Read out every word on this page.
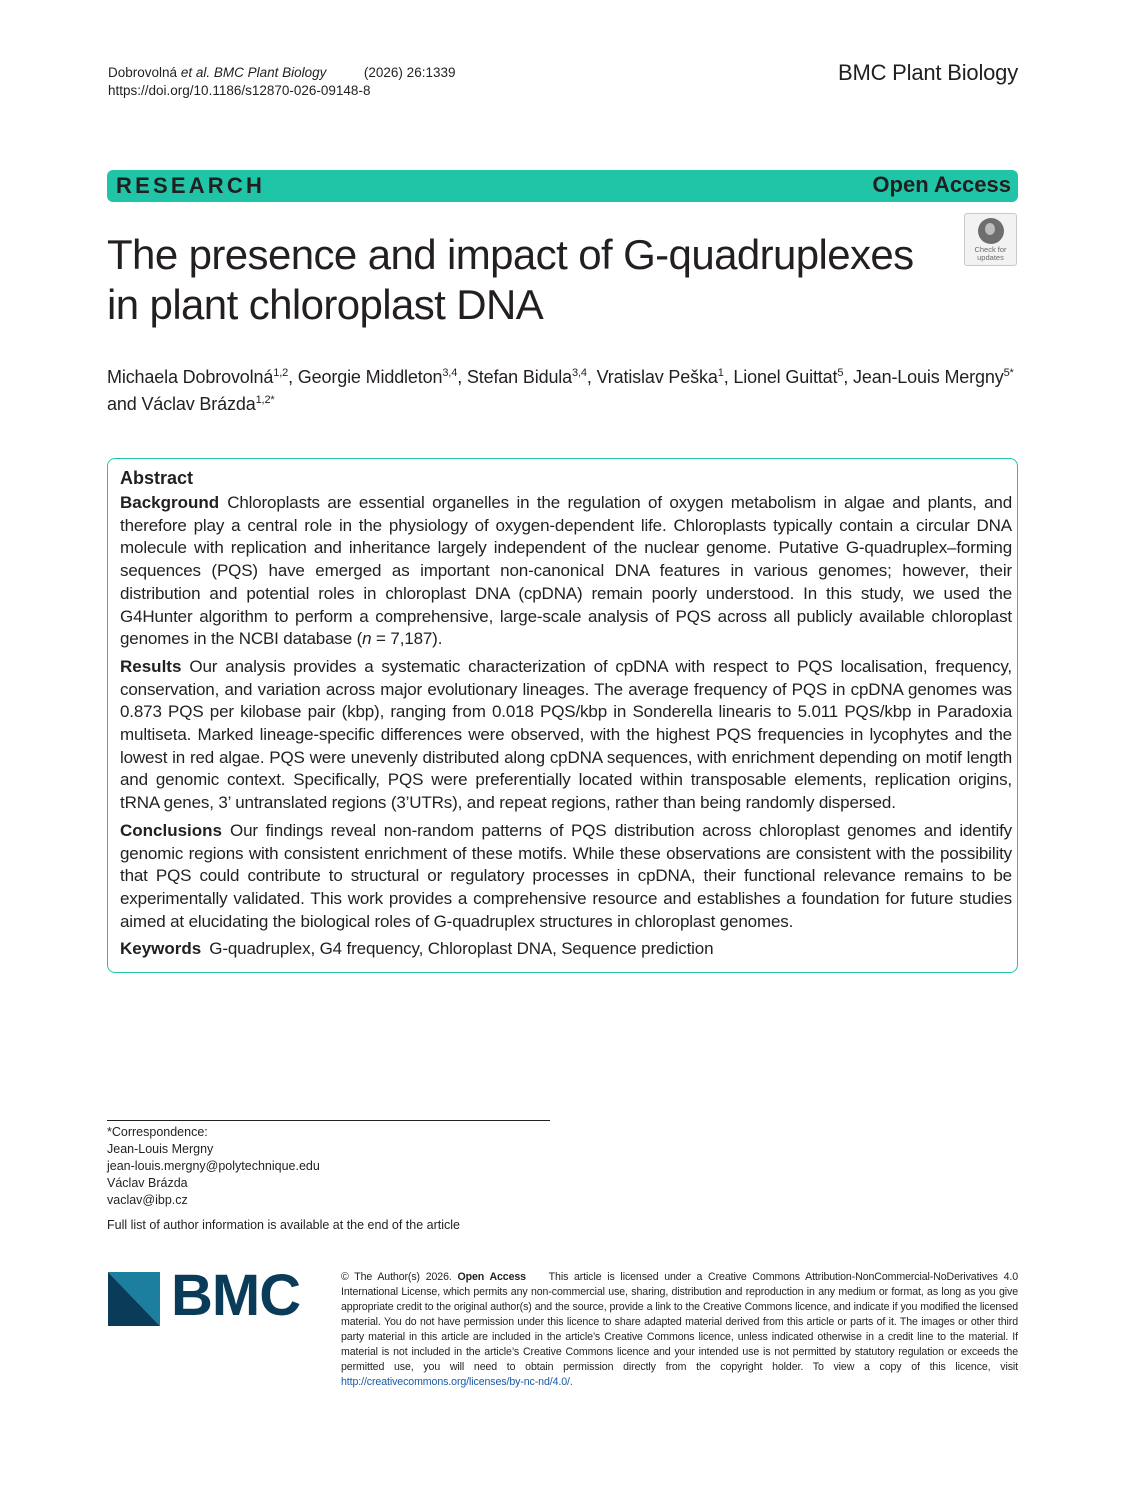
Dobrovolná et al. BMC Plant Biology	(2026) 26:1339
https://doi.org/10.1186/s12870-026-09148-8
BMC Plant Biology
RESEARCH	Open Access
The presence and impact of G-quadruplexes
in plant chloroplast DNA
Check for
updates
Michaela Dobrovolná$^{1,2}$, Georgie Middleton$^{3,4}$, Stefan Bidula$^{3,4}$, Vratislav Peška$^1$, Lionel Guittat$^5$, Jean-Louis Mergny$^{5*}$
and Václav Brázda$^{1,2*}$
Abstract

Background Chloroplasts are essential organelles in the regulation of oxygen metabolism in algae and plants, and therefore play a central role in the physiology of oxygen-dependent life. Chloroplasts typically contain a circular DNA molecule with replication and inheritance largely independent of the nuclear genome. Putative G-quadruplex–forming sequences (PQS) have emerged as important non-canonical DNA features in various genomes; however, their distribution and potential roles in chloroplast DNA (cpDNA) remain poorly understood. In this study, we used the G4Hunter algorithm to perform a comprehensive, large-scale analysis of PQS across all publicly available chloroplast genomes in the NCBI database (n = 7,187).

Results Our analysis provides a systematic characterization of cpDNA with respect to PQS localisation, frequency, conservation, and variation across major evolutionary lineages. The average frequency of PQS in cpDNA genomes was 0.873 PQS per kilobase pair (kbp), ranging from 0.018 PQS/kbp in Sonderella linearis to 5.011 PQS/kbp in Paradoxia multiseta. Marked lineage-specific differences were observed, with the highest PQS frequencies in lycophytes and the lowest in red algae. PQS were unevenly distributed along cpDNA sequences, with enrichment depending on motif length and genomic context. Specifically, PQS were preferentially located within transposable elements, replication origins, tRNA genes, 3’ untranslated regions (3’UTRs), and repeat regions, rather than being randomly dispersed.

Conclusions Our findings reveal non-random patterns of PQS distribution across chloroplast genomes and identify genomic regions with consistent enrichment of these motifs. While these observations are consistent with the possibility that PQS could contribute to structural or regulatory processes in cpDNA, their functional relevance remains to be experimentally validated. This work provides a comprehensive resource and establishes a foundation for future studies aimed at elucidating the biological roles of G-quadruplex structures in chloroplast genomes.

Keywords G-quadruplex, G4 frequency, Chloroplast DNA, Sequence prediction

*Correspondence:
Jean-Louis Mergny
jean-louis.mergny@polytechnique.edu
Václav Brázda
vaclav@ibp.cz
Full list of author information is available at the end of the article
BMC	© The Author(s) 2026. Open Access This article is licensed under a Creative Commons Attribution-NonCommercial-NoDerivatives 4.0 International License, which permits any non-commercial use, sharing, distribution and reproduction in any medium or format, as long as you give appropriate credit to the original author(s) and the source, provide a link to the Creative Commons licence, and indicate if you modified the licensed material. You do not have permission under this licence to share adapted material derived from this article or parts of it. The images or other third party material in this article are included in the article’s Creative Commons licence, unless indicated otherwise in a credit line to the material. If material is not included in the article’s Creative Commons licence and your intended use is not permitted by statutory regulation or exceeds the permitted use, you will need to obtain permission directly from the copyright holder. To view a copy of this licence, visit http://creativecommons.org/licenses/by-nc-nd/4.0/.
